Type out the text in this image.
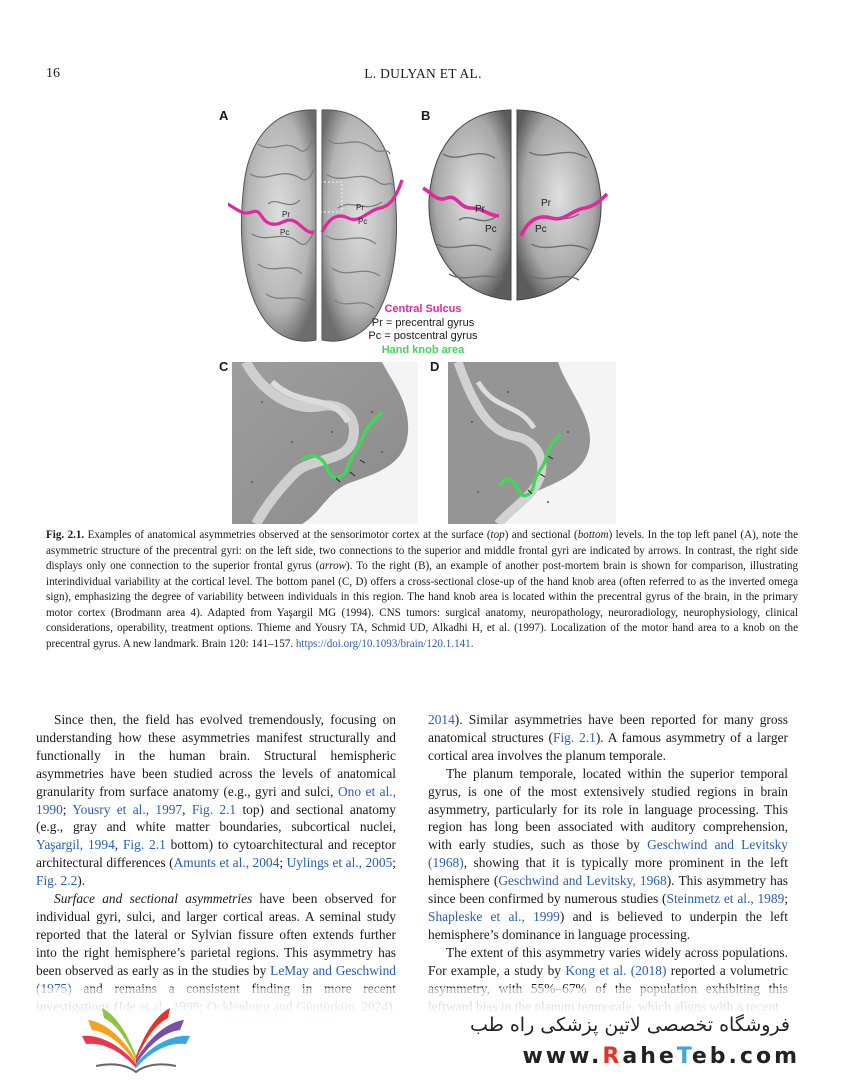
16	L. DULYAN ET AL.
A	B
C	D
Pr
Pc
Pr
Pc
Pr
Pc
Pr
Pc
Central Sulcus
Pr = precentral gyrus
Pc = postcentral gyrus
Hand knob area
Fig. 2.1. Examples of anatomical asymmetries observed at the sensorimotor cortex at the surface (top) and sectional (bottom) levels. In the top left panel (A), note the asymmetric structure of the precentral gyri: on the left side, two connections to the superior and middle frontal gyri are indicated by arrows. In contrast, the right side displays only one connection to the superior frontal gyrus (arrow). To the right (B), an example of another post-mortem brain is shown for comparison, illustrating interindividual variability at the cortical level. The bottom panel (C, D) offers a cross-sectional close-up of the hand knob area (often referred to as the inverted omega sign), emphasizing the degree of variability between individuals in this region. The hand knob area is located within the precentral gyrus of the brain, in the primary motor cortex (Brodmann area 4). Adapted from Yaşargil MG (1994). CNS tumors: surgical anatomy, neuropathology, neuroradiology, neurophysiology, clinical considerations, operability, treatment options. Thieme and Yousry TA, Schmid UD, Alkadhi H, et al. (1997). Localization of the motor hand area to a knob on the precentral gyrus. A new landmark. Brain 120: 141–157. https://doi.org/10.1093/brain/120.1.141.

Since then, the field has evolved tremendously, focusing on understanding how these asymmetries manifest structurally and functionally in the human brain. Structural hemispheric asymmetries have been studied across the levels of anatomical granularity from surface anatomy (e.g., gyri and sulci, Ono et al., 1990; Yousry et al., 1997, Fig. 2.1 top) and sectional anatomy (e.g., gray and white matter boundaries, subcortical nuclei, Yaşargil, 1994, Fig. 2.1 bottom) to cytoarchitectural and receptor architectural differences (Amunts et al., 2004; Uylings et al., 2005; Fig. 2.2).

Surface and sectional asymmetries have been observed for individual gyri, sulci, and larger cortical areas. A seminal study reported that the lateral or Sylvian fissure often extends further into the right hemisphere’s parietal regions. This asymmetry has been observed as early as in the studies by LeMay and Geschwind

2014). Similar asymmetries have been reported for many gross anatomical structures (Fig. 2.1). A famous asymmetry of a larger cortical area involves the planum temporale.

The planum temporale, located within the superior temporal gyrus, is one of the most extensively studied regions in brain asymmetry, particularly for its role in language processing. This region has long been associated with auditory comprehension, with early studies, such as those by Geschwind and Levitsky (1968), showing that it is typically more prominent in the left hemisphere (Geschwind and Levitsky, 1968). This asymmetry has since been confirmed by numerous studies (Steinmetz et al., 1989; Shapleske et al., 1999) and is believed to underpin the left hemisphere’s dominance in language processing.

The extent of this asymmetry varies widely across populations. For example, a study by Kong et al. (2018) reported a volumetric

فروشگاه تخصصی لاتین پزشکی راه طب
www.RaheTeb.com
